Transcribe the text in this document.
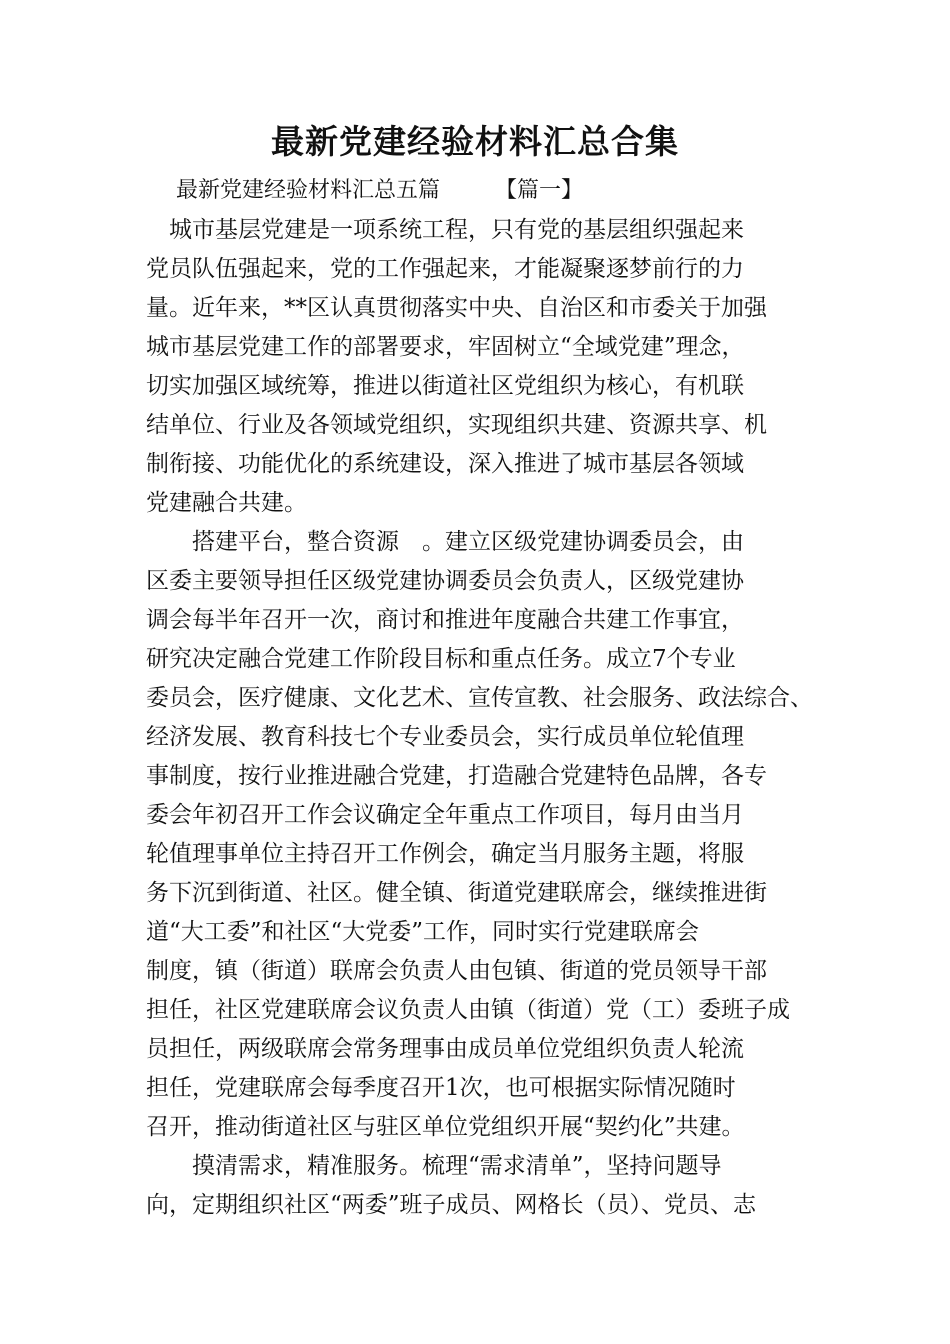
最新党建经验材料汇总合集
最新党建经验材料汇总五篇　　　【篇一】
　城市基层党建是一项系统工程，只有党的基层组织强起来
党员队伍强起来，党的工作强起来，才能凝聚逐梦前行的力
量。近年来，**区认真贯彻落实中央、自治区和市委关于加强
城市基层党建工作的部署要求，牢固树立“全域党建”理念，
切实加强区域统筹，推进以街道社区党组织为核心，有机联
结单位、行业及各领域党组织，实现组织共建、资源共享、机
制衔接、功能优化的系统建设，深入推进了城市基层各领域
党建融合共建。
　　搭建平台，整合资源　。建立区级党建协调委员会，由
区委主要领导担任区级党建协调委员会负责人，区级党建协
调会每半年召开一次，商讨和推进年度融合共建工作事宜，
研究决定融合党建工作阶段目标和重点任务。成立7个专业
委员会，医疗健康、文化艺术、宣传宣教、社会服务、政法综合、
经济发展、教育科技七个专业委员会，实行成员单位轮值理
事制度，按行业推进融合党建，打造融合党建特色品牌，各专
委会年初召开工作会议确定全年重点工作项目，每月由当月
轮值理事单位主持召开工作例会，确定当月服务主题，将服
务下沉到街道、社区。健全镇、街道党建联席会，继续推进街
道“大工委”和社区“大党委”工作，同时实行党建联席会
制度，镇（街道）联席会负责人由包镇、街道的党员领导干部
担任，社区党建联席会议负责人由镇（街道）党（工）委班子成
员担任，两级联席会常务理事由成员单位党组织负责人轮流
担任，党建联席会每季度召开1次，也可根据实际情况随时
召开，推动街道社区与驻区单位党组织开展“契约化”共建。
　　摸清需求，精准服务。梳理“需求清单”，坚持问题导
向，定期组织社区“两委”班子成员、网格长（员）、党员、志
